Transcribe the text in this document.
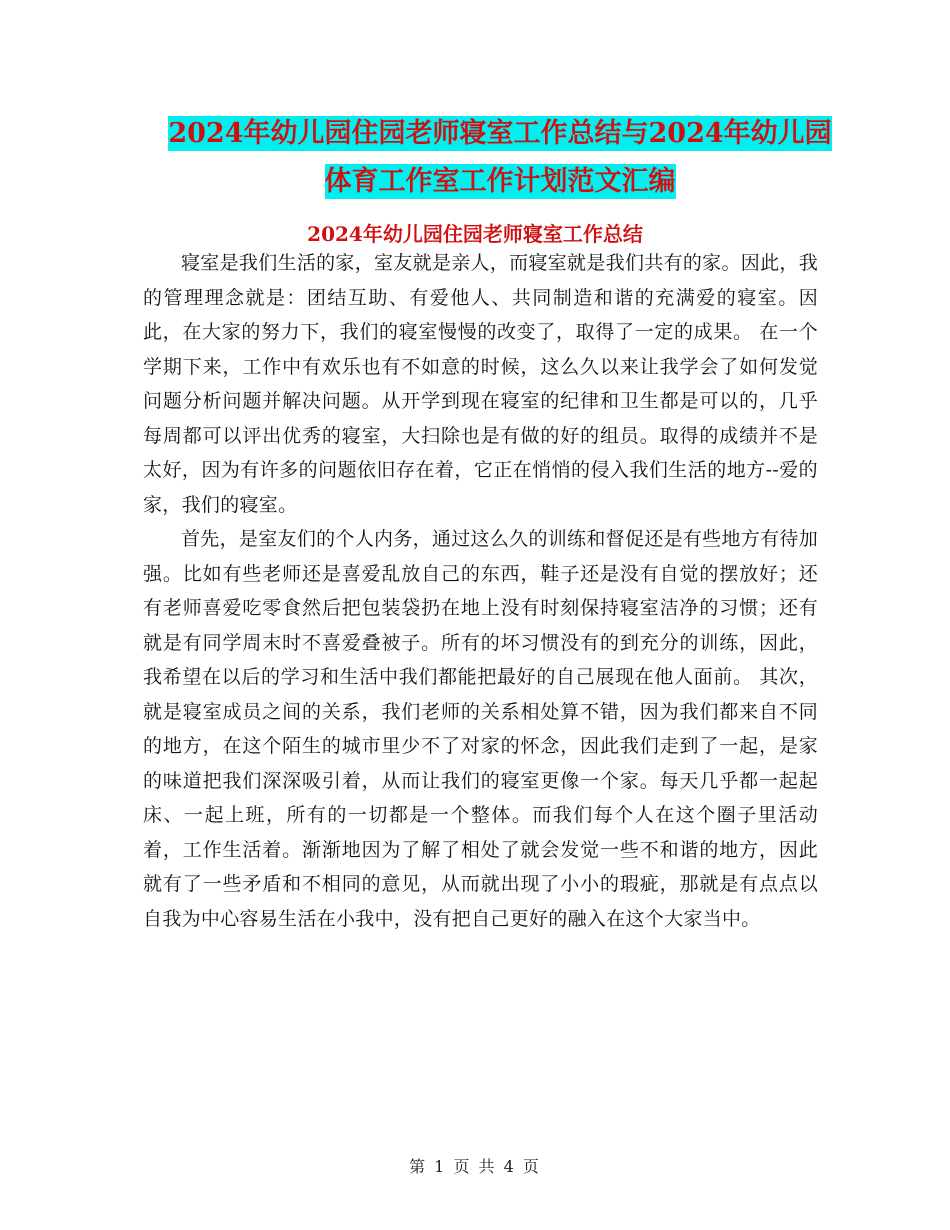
2024年幼儿园住园老师寝室工作总结与2024年幼儿园
体育工作室工作计划范文汇编
2024年幼儿园住园老师寝室工作总结

寝室是我们生活的家，室友就是亲人，而寝室就是我们共有的家。因此，我的管理理念就是：团结互助、有爱他人、共同制造和谐的充满爱的寝室。因此，在大家的努力下，我们的寝室慢慢的改变了，取得了一定的成果。 在一个学期下来，工作中有欢乐也有不如意的时候，这么久以来让我学会了如何发觉问题分析问题并解决问题。从开学到现在寝室的纪律和卫生都是可以的，几乎每周都可以评出优秀的寝室，大扫除也是有做的好的组员。取得的成绩并不是太好，因为有许多的问题依旧存在着，它正在悄悄的侵入我们生活的地方--爱的家，我们的寝室。

首先，是室友们的个人内务，通过这么久的训练和督促还是有些地方有待加强。比如有些老师还是喜爱乱放自己的东西，鞋子还是没有自觉的摆放好；还有老师喜爱吃零食然后把包装袋扔在地上没有时刻保持寝室洁净的习惯；还有就是有同学周末时不喜爱叠被子。所有的坏习惯没有的到充分的训练，因此，我希望在以后的学习和生活中我们都能把最好的自己展现在他人面前。 其次，就是寝室成员之间的关系，我们老师的关系相处算不错，因为我们都来自不同的地方，在这个陌生的城市里少不了对家的怀念，因此我们走到了一起，是家的味道把我们深深吸引着，从而让我们的寝室更像一个家。每天几乎都一起起床、一起上班，所有的一切都是一个整体。而我们每个人在这个圈子里活动着，工作生活着。渐渐地因为了解了相处了就会发觉一些不和谐的地方，因此就有了一些矛盾和不相同的意见，从而就出现了小小的瑕疵，那就是有点点以自我为中心容易生活在小我中，没有把自己更好的融入在这个大家当中。

第 1 页 共 4 页
